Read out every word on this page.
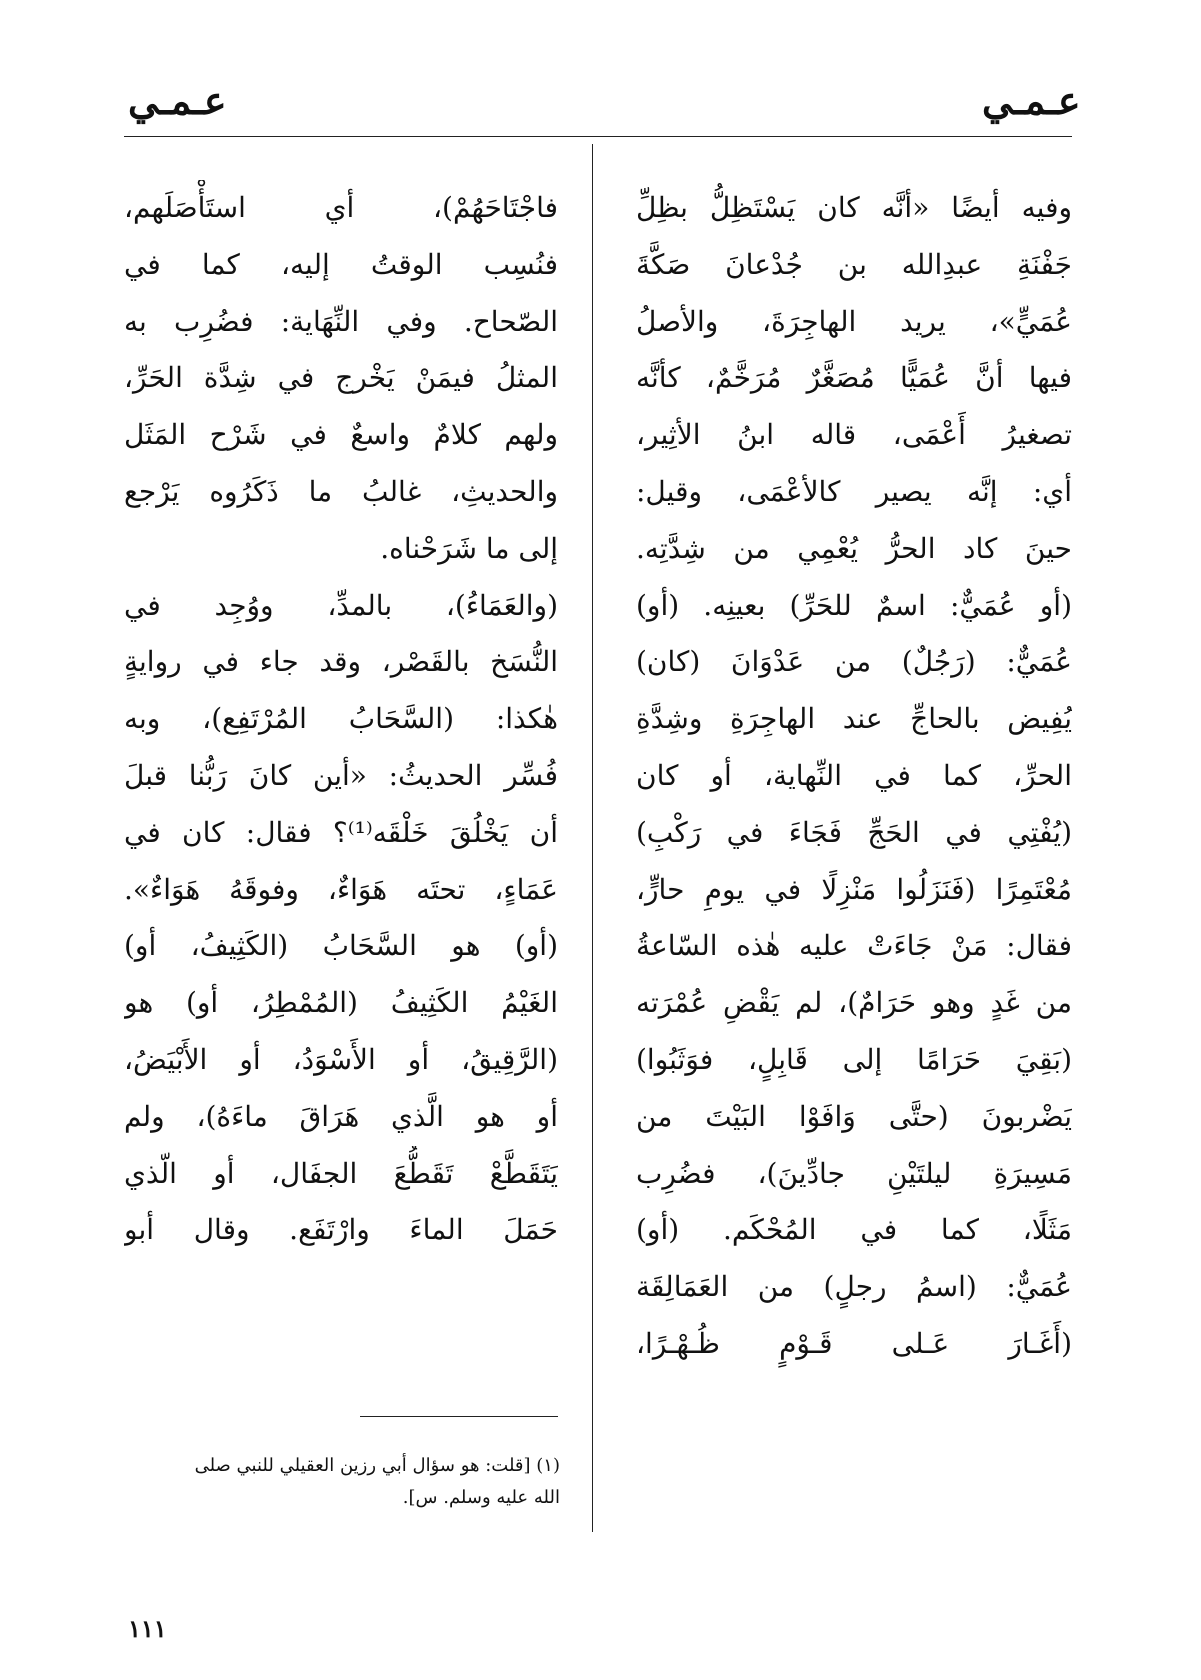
عـمـي	عـمـي
وفيه أيضًا «أنَّه كان يَسْتَظِلُّ بظِلِّ
جَفْنَةِ عبدِالله بن جُدْعانَ صَكَّةَ
عُمَيٍّ»، يريد الهاجِرَةَ، والأصلُ
فيها أنَّ عُمَيًّا مُصَغَّرٌ مُرَخَّمٌ، كأنَّه
تصغيرُ أَعْمَى، قاله ابنُ الأثِير،
أي: إنَّه يصير كالأعْمَى، وقيل:
حينَ كاد الحرُّ يُعْمِي من شِدَّتِه.
(أو عُمَيٌّ: اسمٌ للحَرِّ) بعينِه. (أو)
عُمَيٌّ: (رَجُلٌ) من عَدْوَانَ (كان)
يُفِيض بالحاجِّ عند الهاجِرَةِ وشِدَّةِ
الحرِّ، كما في النِّهاية، أو كان
(يُفْتِي في الحَجِّ فَجَاءَ في رَكْبِ)
مُعْتَمِرًا (فَنَزَلُوا مَنْزِلًا في يومِ حارٍّ،
فقال: مَنْ جَاءَتْ عليه هٰذه السّاعةُ
من غَدٍ وهو حَرَامٌ)، لم يَقْضِ عُمْرَته
(بَقِيَ حَرَامًا إلى قَابِلٍ، فوَثَبُوا)
يَضْربونَ (حتَّى وَافَوْا البَيْتَ من
مَسِيرَةِ ليلتَيْنِ جادِّينَ)، فضُرِب
مَثَلًا، كما في المُحْكَم. (أو)
عُمَيٌّ: (اسمُ رجلٍ) من العَمَالِقَة
(أَغَـارَ عَـلى قَـوْمٍ ظُـهْـرًا،
فاجْتَاحَهُمْ)، أي استَأْصَلَهم،
فنُسِب الوقتُ إليه، كما في
الصّحاح. وفي النِّهَاية: فضُرِب به
المثلُ فيمَنْ يَخْرج في شِدَّة الحَرِّ،
ولهم كلامٌ واسعٌ في شَرْح المَثَل
والحديثِ، غالبُ ما ذَكَرُوه يَرْجع
إلى ما شَرَحْناه.
(والعَمَاءُ)، بالمدِّ، ووُجِد في
النُّسَخ بالقَصْر، وقد جاء في روايةٍ
هٰكذا: (السَّحَابُ المُرْتَفِع)، وبه
فُسِّر الحديثُ: «أين كانَ رَبُّنا قبلَ
أن يَخْلُقَ خَلْقَه⁽¹⁾؟ فقال: كان في
عَمَاءٍ، تحتَه هَوَاءٌ، وفوقَهُ هَوَاءٌ».
(أو) هو السَّحَابُ (الكَثِيفُ، أو)
الغَيْمُ الكَثِيفُ (المُمْطِرُ، أو) هو
(الرَّقِيقُ، أو الأَسْوَدُ، أو الأَبْيَضُ،
أو هو الَّذي هَرَاقَ ماءَهُ)، ولم
يَتَقَطَّعْ تَقَطُّعَ الجفَال، أو الّذي
حَمَلَ الماءَ وارْتَفَع. وقال أبو
(١) [قلت: هو سؤال أبي رزين العقيلي للنبي صلى
الله عليه وسلم. س].
١١١
